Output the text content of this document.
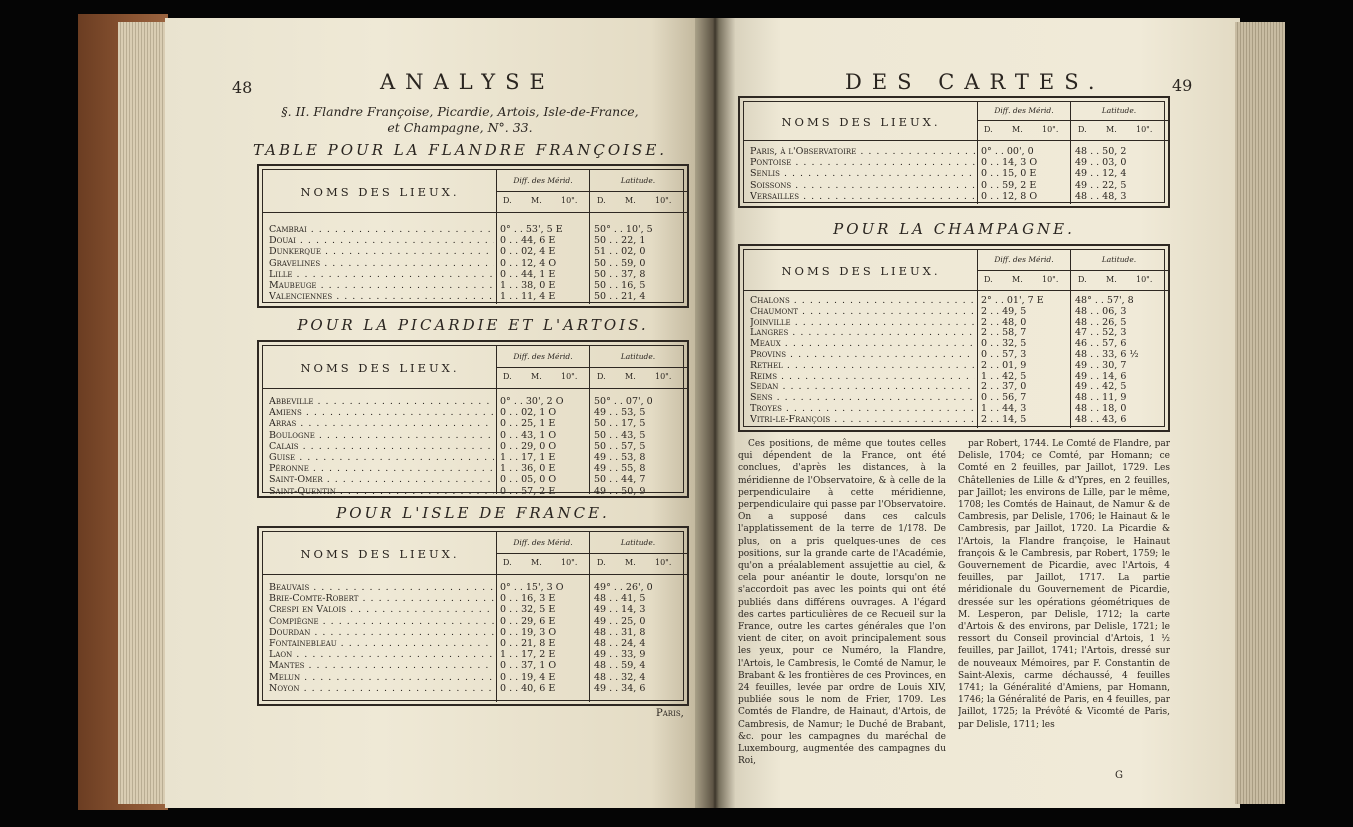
48	ANALYSE
§. II. Flandre Françoise, Picardie, Artois, Isle-de-France,
et Champagne, N°. 33.
TABLE POUR LA FLANDRE FRANÇOISE.
NOMS DES LIEUX.
Diff. des Mérid.	Latitude.
D. M. 10". D. M. 10".
Cambrai . . .	0° . . 53', 5 E	50° . . 10', 5
Douai . . .	0 . . 44, 6 E	50 . . 22, 1
Dunkerque . . .	0 . . 02, 4 E	51 . . 02, 0
Gravelines . . .	0 . . 12, 4 O	50 . . 59, 0
Lille . . .	0 . . 44, 1 E	50 . . 37, 8
Maubeuge . . .	1 . . 38, 0 E	50 . . 16, 5
Valenciennes . . .	1 . . 11, 4 E	50 . . 21, 4
POUR LA PICARDIE ET L'ARTOIS.
NOMS DES LIEUX.
Diff. des Mérid.	Latitude.
D. M. 10". D. M. 10".
Abbeville . . .	0° . . 30', 2 O	50° . . 07', 0
Amiens . . .	0 . . 02, 1 O	49 . . 53, 5
Arras . . .	0 . . 25, 1 E	50 . . 17, 5
Boulogne . . .	0 . . 43, 1 O	50 . . 43, 5
Calais . . .	0 . . 29, 0 O	50 . . 57, 5
Guise . . .	1 . . 17, 1 E	49 . . 53, 8
Péronne . . .	1 . . 36, 0 E	49 . . 55, 8
Saint-Omer . . .	0 . . 05, 0 O	50 . . 44, 7
Saint-Quentin . . .	0 . . 57, 2 E	49 . . 50, 9
POUR L'ISLE DE FRANCE.
NOMS DES LIEUX.
Diff. des Mérid.	Latitude.
D. M. 10". D. M. 10".
Beauvais . . .	0° . . 15', 3 O	49° . . 26', 0
Brie-Comte-Robert . . .	0 . . 16, 3 E	48 . . 41, 5
Crespi en Valois . . .	0 . . 32, 5 E	49 . . 14, 3
Compiègne . . .	0 . . 29, 6 E	49 . . 25, 0
Dourdan . . .	0 . . 19, 3 O	48 . . 31, 8
Fontainebleau . . .	0 . . 21, 8 E	48 . . 24, 4
Laon . . .	1 . . 17, 2 E	49 . . 33, 9
Mantes . . .	0 . . 37, 1 O	48 . . 59, 4
Melun . . .	0 . . 19, 4 E	48 . . 32, 4
Noyon . . .	0 . . 40, 6 E	49 . . 34, 6
Paris,
DES CARTES.	49
NOMS DES LIEUX.
Diff. des Mérid.	Latitude.
D. M. 10". D. M. 10".
Paris, à l'Observatoire . . .	0° . . 00', 0	48 . . 50, 2
Pontoise . . .	0 . . 14, 3 O	49 . . 03, 0
Senlis . . .	0 . . 15, 0 E	49 . . 12, 4
Soissons . . .	0 . . 59, 2 E	49 . . 22, 5
Versailles . . .	0 . . 12, 8 O	48 . . 48, 3
POUR LA CHAMPAGNE.
NOMS DES LIEUX.
Diff. des Mérid.	Latitude.
D. M. 10". D. M. 10".
Chalons . . .	2° . . 01', 7 E	48° . . 57', 8
Chaumont . . .	2 . . 49, 5	48 . . 06, 3
Joinville . . .	2 . . 48, 0	48 . . 26, 5
Langres . . .	2 . . 58, 7	47 . . 52, 3
Meaux . . .	0 . . 32, 5	46 . . 57, 6
Provins . . .	0 . . 57, 3	48 . . 33, 6 ½
Rethel . . .	2 . . 01, 9	49 . . 30, 7
Reims . . .	1 . . 42, 5	49 . . 14, 6
Sedan . . .	2 . . 37, 0	49 . . 42, 5
Sens . . .	0 . . 56, 7	48 . . 11, 9
Troyes . . .	1 . . 44, 3	48 . . 18, 0
Vitri-le-François . . .	2 . . 14, 5	48 . . 43, 6

Ces positions, de même que toutes celles qui dépendent de la France, ont été conclues, d'après les distances, à la méridienne de l'Observatoire, & à celle de la perpendiculaire à cette méridienne, perpendiculaire qui passe par l'Observatoire. On a supposé dans ces calculs l'applatissement de la terre de 1/178. De plus, on a pris quelques-unes de ces positions, sur la grande carte de l'Académie, qu'on a préalablement assujettie au ciel, & cela pour anéantir le doute, lorsqu'on ne s'accordoit pas avec les points qui ont été publiés dans différens ouvrages. A l'égard des cartes particulières de ce Recueil sur la France, outre les cartes générales que l'on vient de citer, on avoit principalement sous les yeux, pour ce Numéro, la Flandre, l'Artois, le Cambresis, le Comté de Namur, le Brabant & les frontières de ces Provinces, en 24 feuilles, levée par ordre de Louis XIV, publiée sous le nom de Frier, 1709. Les Comtés de Flandre, de Hainaut, d'Artois, de Cambresis, de Namur; le Duché de Brabant, &c. pour les campagnes du maréchal de Luxembourg, augmentée des campagnes du Roi,

par Robert, 1744. Le Comté de Flandre, par Delisle, 1704; ce Comté, par Homann; ce Comté en 2 feuilles, par Jaillot, 1729. Les Châtellenies de Lille & d'Ypres, en 2 feuilles, par Jaillot; les environs de Lille, par le même, 1708; les Comtés de Hainaut, de Namur & de Cambresis, par Delisle, 1706; le Hainaut & le Cambresis, par Jaillot, 1720. La Picardie & l'Artois, la Flandre françoise, le Hainaut françois & le Cambresis, par Robert, 1759; le Gouvernement de Picardie, avec l'Artois, 4 feuilles, par Jaillot, 1717. La partie méridionale du Gouvernement de Picardie, dressée sur les opérations géométriques de M. Lesperon, par Delisle, 1712; la carte d'Artois & des environs, par Delisle, 1721; le ressort du Conseil provincial d'Artois, 1 ½ feuilles, par Jaillot, 1741; l'Artois, dressé sur de nouveaux Mémoires, par F. Constantin de Saint-Alexis, carme déchaussé, 4 feuilles 1741; la Généralité d'Amiens, par Homann, 1746; la Généralité de Paris, en 4 feuilles, par Jaillot, 1725; la Prévôté & Vicomté de Paris, par Delisle, 1711; les

G
